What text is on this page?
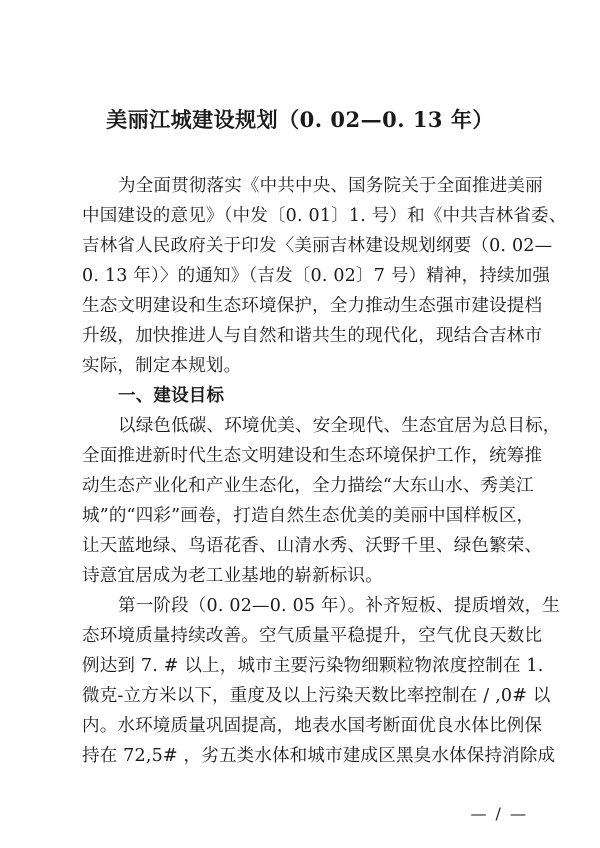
美丽江城建设规划（0. 02—0. 13 年）
为全面贯彻落实《中共中央、国务院关于全面推进美丽
中国建设的意见》（中发〔0. 01〕1. 号）和《中共吉林省委、
吉林省人民政府关于印发〈美丽吉林建设规划纲要（0. 02—
0. 13 年）〉的通知》（吉发〔0. 02〕7 号）精神，持续加强
生态文明建设和生态环境保护，全力推动生态强市建设提档
升级，加快推进人与自然和谐共生的现代化，现结合吉林市
实际，制定本规划。
一、建设目标
以绿色低碳、环境优美、安全现代、生态宜居为总目标，
全面推进新时代生态文明建设和生态环境保护工作，统筹推
动生态产业化和产业生态化，全力描绘“大东山水、秀美江
城”的“四彩”画卷，打造自然生态优美的美丽中国样板区，
让天蓝地绿、鸟语花香、山清水秀、沃野千里、绿色繁荣、
诗意宜居成为老工业基地的崭新标识。
第一阶段（0. 02—0. 05 年）。补齐短板、提质增效，生
态环境质量持续改善。空气质量平稳提升，空气优良天数比
例达到 7. # 以上，城市主要污染物细颗粒物浓度控制在 1.
微克-立方米以下，重度及以上污染天数比率控制在 / ,0# 以
内。水环境质量巩固提高，地表水国考断面优良水体比例保
持在 72,5# ，劣五类水体和城市建成区黑臭水体保持消除成
— / —
